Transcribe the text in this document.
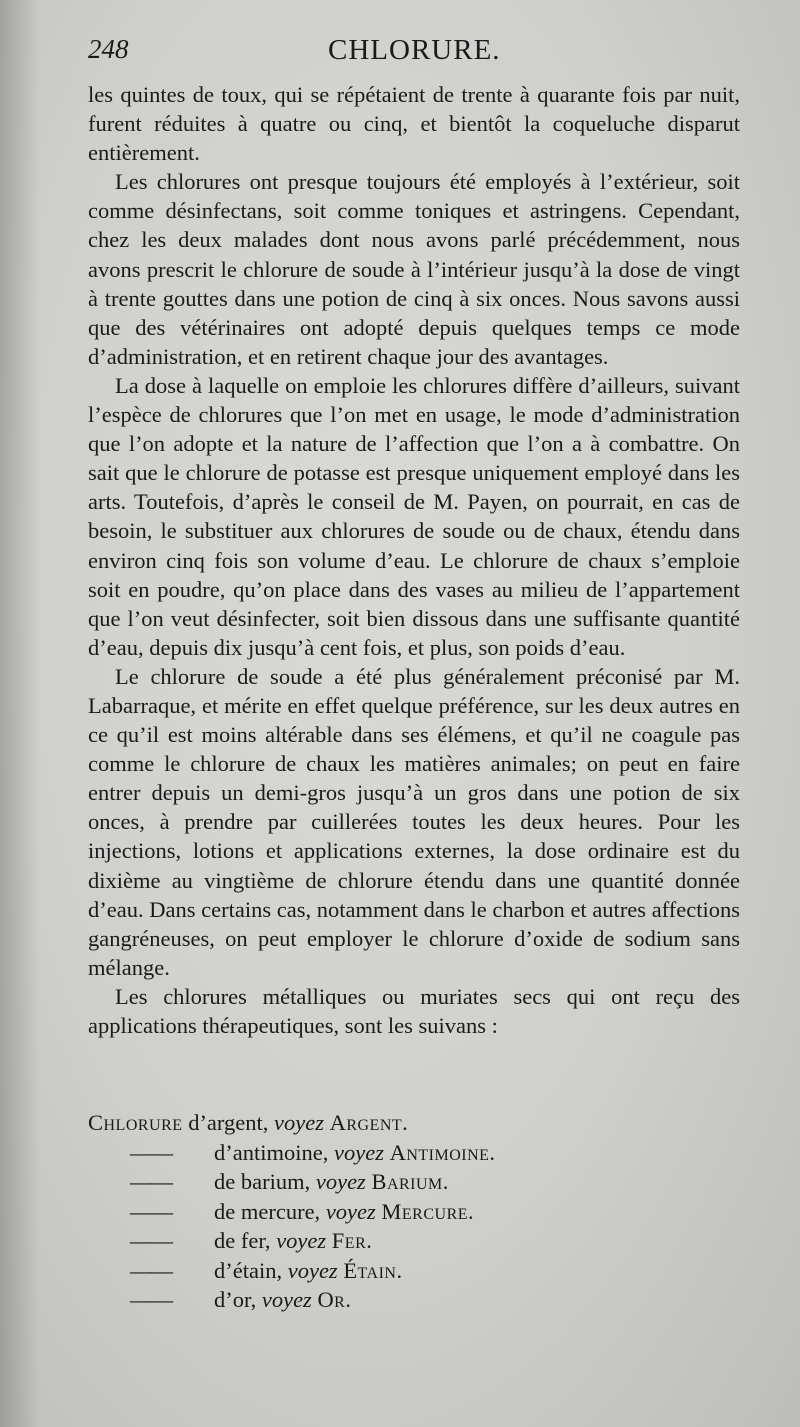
248	CHLORURE.

les quintes de toux, qui se répétaient de trente à quarante fois par nuit, furent réduites à quatre ou cinq, et bientôt la coqueluche disparut entièrement.

Les chlorures ont presque toujours été employés à l’extérieur, soit comme désinfectans, soit comme toniques et astringens. Cependant, chez les deux malades dont nous avons parlé précédemment, nous avons prescrit le chlorure de soude à l’intérieur jusqu’à la dose de vingt à trente gouttes dans une potion de cinq à six onces. Nous savons aussi que des vétérinaires ont adopté depuis quelques temps ce mode d’administration, et en retirent chaque jour des avantages.

La dose à laquelle on emploie les chlorures diffère d’ailleurs, suivant l’espèce de chlorures que l’on met en usage, le mode d’administration que l’on adopte et la nature de l’affection que l’on a à combattre. On sait que le chlorure de potasse est presque uniquement employé dans les arts. Toutefois, d’après le conseil de M. Payen, on pourrait, en cas de besoin, le substituer aux chlorures de soude ou de chaux, étendu dans environ cinq fois son volume d’eau. Le chlorure de chaux s’emploie soit en poudre, qu’on place dans des vases au milieu de l’appartement que l’on veut désinfecter, soit bien dissous dans une suffisante quantité d’eau, depuis dix jusqu’à cent fois, et plus, son poids d’eau.

Le chlorure de soude a été plus généralement préconisé par M. Labarraque, et mérite en effet quelque préférence, sur les deux autres en ce qu’il est moins altérable dans ses élémens, et qu’il ne coagule pas comme le chlorure de chaux les matières animales; on peut en faire entrer depuis un demi-gros jusqu’à un gros dans une potion de six onces, à prendre par cuillerées toutes les deux heures. Pour les injections, lotions et applications externes, la dose ordinaire est du dixième au vingtième de chlorure étendu dans une quantité donnée d’eau. Dans certains cas, notamment dans le charbon et autres affections gangréneuses, on peut employer le chlorure d’oxide de sodium sans mélange.

Les chlorures métalliques ou muriates secs qui ont reçu des applications thérapeutiques, sont les suivans :

Chlorure d’argent, voyez Argent.
——	d’antimoine, voyez Antimoine.
——	de barium, voyez Barium.
——	de mercure, voyez Mercure.
——	de fer, voyez Fer.
——	d’étain, voyez Étain.
——	d’or, voyez Or.
